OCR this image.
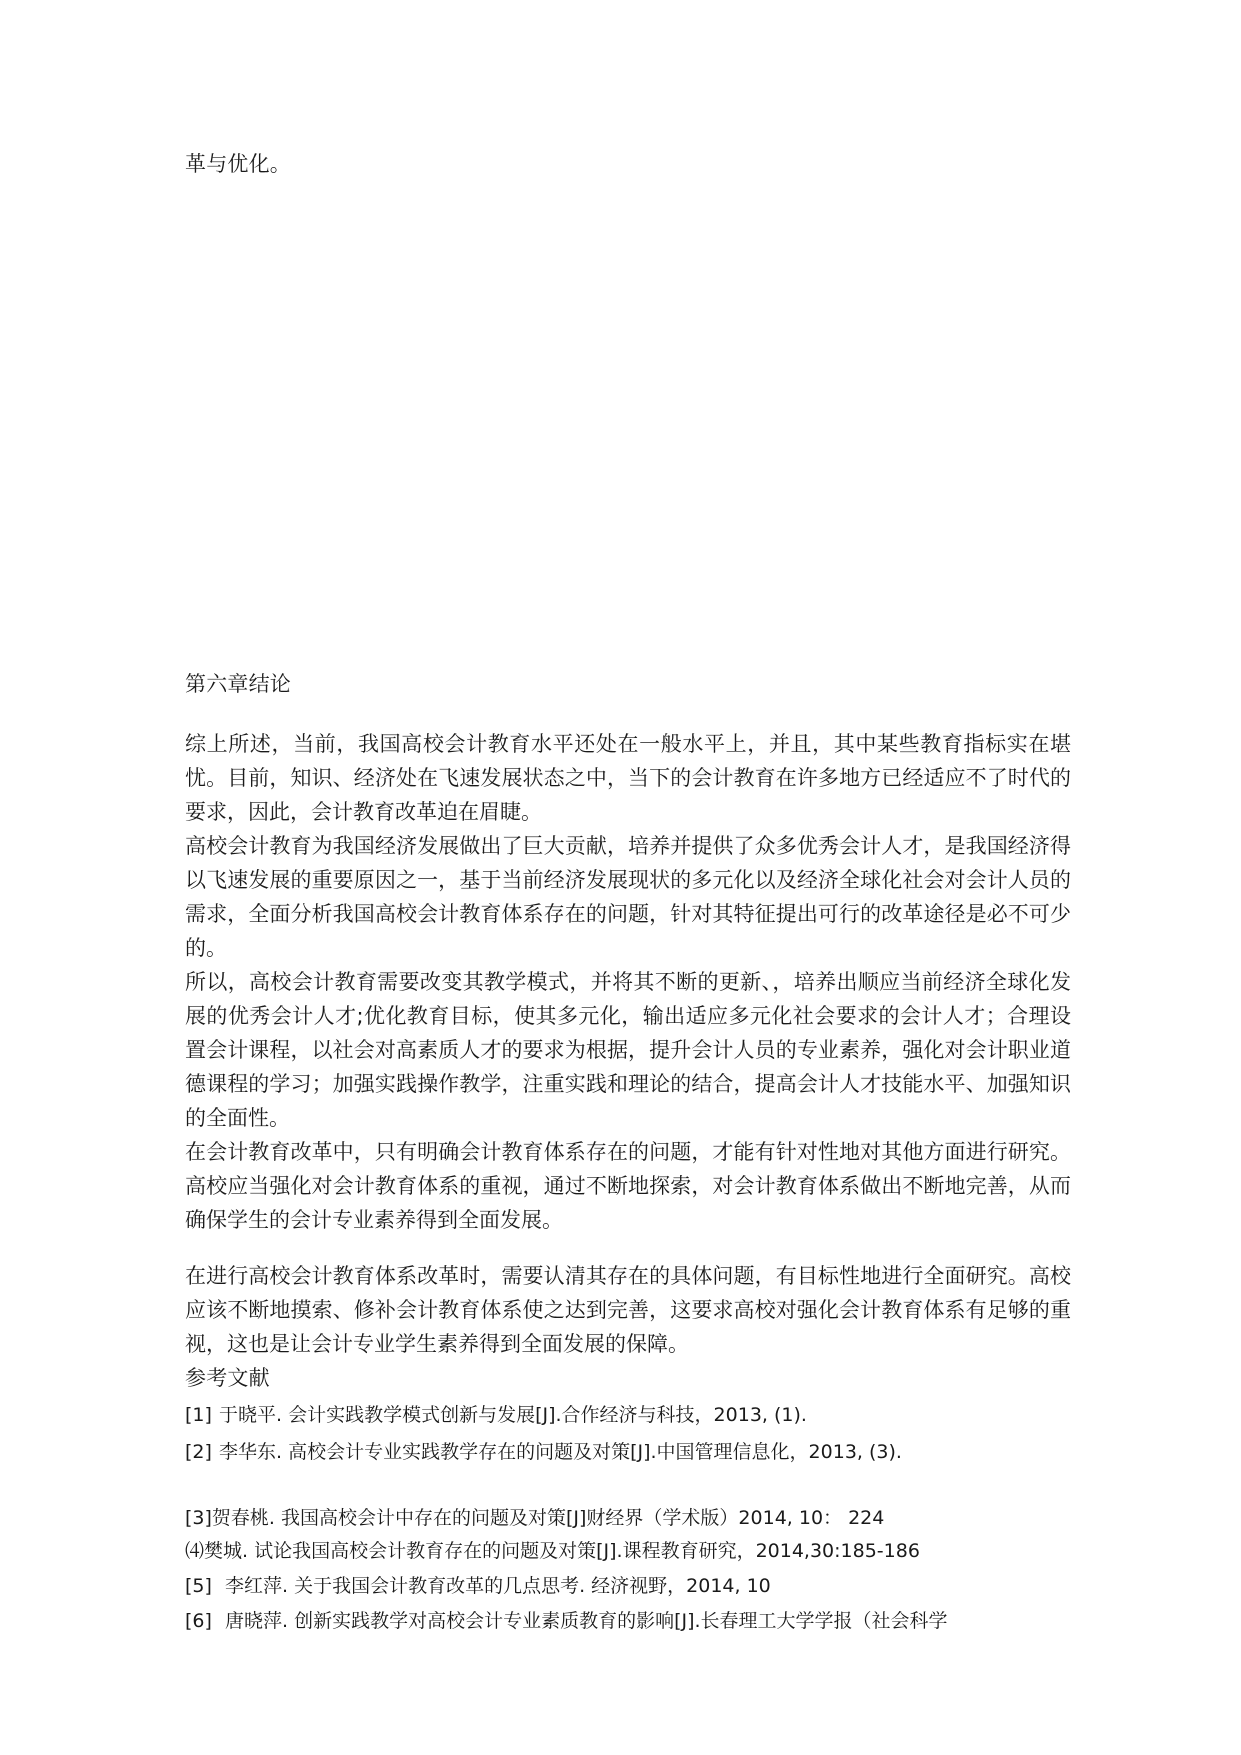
革与优化。
第六章结论
综上所述，当前，我国高校会计教育水平还处在一般水平上，并且，其中某些教育指标实在堪忧。目前，知识、经济处在飞速发展状态之中，当下的会计教育在许多地方已经适应不了时代的要求，因此，会计教育改革迫在眉睫。
高校会计教育为我国经济发展做出了巨大贡献，培养并提供了众多优秀会计人才，是我国经济得以飞速发展的重要原因之一，基于当前经济发展现状的多元化以及经济全球化社会对会计人员的需求，全面分析我国高校会计教育体系存在的问题，针对其特征提出可行的改革途径是必不可少的。
所以，高校会计教育需要改变其教学模式，并将其不断的更新、，培养出顺应当前经济全球化发展的优秀会计人才;优化教育目标，使其多元化，输出适应多元化社会要求的会计人才；合理设置会计课程，以社会对高素质人才的要求为根据，提升会计人员的专业素养，强化对会计职业道德课程的学习；加强实践操作教学，注重实践和理论的结合，提高会计人才技能水平、加强知识的全面性。
在会计教育改革中，只有明确会计教育体系存在的问题，才能有针对性地对其他方面进行研究。高校应当强化对会计教育体系的重视，通过不断地探索，对会计教育体系做出不断地完善，从而确保学生的会计专业素养得到全面发展。
在进行高校会计教育体系改革时，需要认清其存在的具体问题，有目标性地进行全面研究。高校应该不断地摸索、修补会计教育体系使之达到完善，这要求高校对强化会计教育体系有足够的重视，这也是让会计专业学生素养得到全面发展的保障。
参考文献
[1] 于晓平. 会计实践教学模式创新与发展[J].合作经济与科技，2013, (1).
[2] 李华东. 高校会计专业实践教学存在的问题及对策[J].中国管理信息化，2013, (3).
[3]贺春桃. 我国高校会计中存在的问题及对策[J]财经界（学术版）2014, 10： 224
⑷樊城. 试论我国高校会计教育存在的问题及对策[J].课程教育研究，2014,30:185-186
[5] 李红萍. 关于我国会计教育改革的几点思考. 经济视野，2014, 10
[6] 唐晓萍. 创新实践教学对高校会计专业素质教育的影响[J].长春理工大学学报（社会科学
